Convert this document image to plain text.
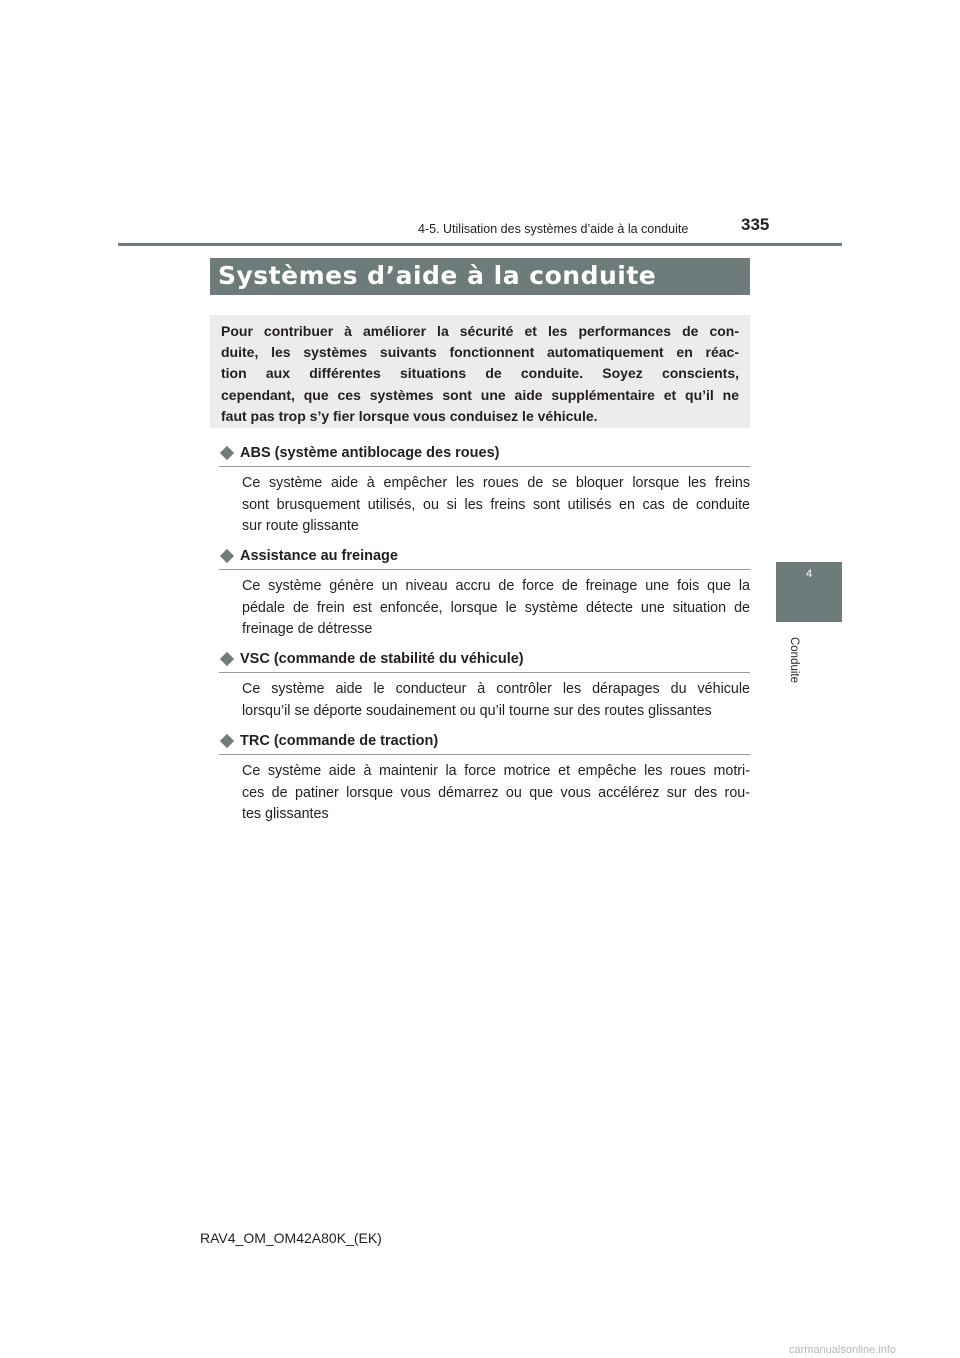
4-5. Utilisation des systèmes d’aide à la conduite	335
4
Conduite
Systèmes d’aide à la conduite
Pour contribuer à améliorer la sécurité et les performances de con-
duite, les systèmes suivants fonctionnent automatiquement en réac-
tion aux différentes situations de conduite. Soyez conscients,
cependant, que ces systèmes sont une aide supplémentaire et qu’il ne
faut pas trop s’y fier lorsque vous conduisez le véhicule.
ABS (système antiblocage des roues)
Ce système aide à empêcher les roues de se bloquer lorsque les freins
sont brusquement utilisés, ou si les freins sont utilisés en cas de conduite
sur route glissante
Assistance au freinage
Ce système génère un niveau accru de force de freinage une fois que la
pédale de frein est enfoncée, lorsque le système détecte une situation de
freinage de détresse
VSC (commande de stabilité du véhicule)
Ce système aide le conducteur à contrôler les dérapages du véhicule
lorsqu’il se déporte soudainement ou qu’il tourne sur des routes glissantes
TRC (commande de traction)
Ce système aide à maintenir la force motrice et empêche les roues motri-
ces de patiner lorsque vous démarrez ou que vous accélérez sur des rou-
tes glissantes
RAV4_OM_OM42A80K_(EK)
carmanualsonline.info
